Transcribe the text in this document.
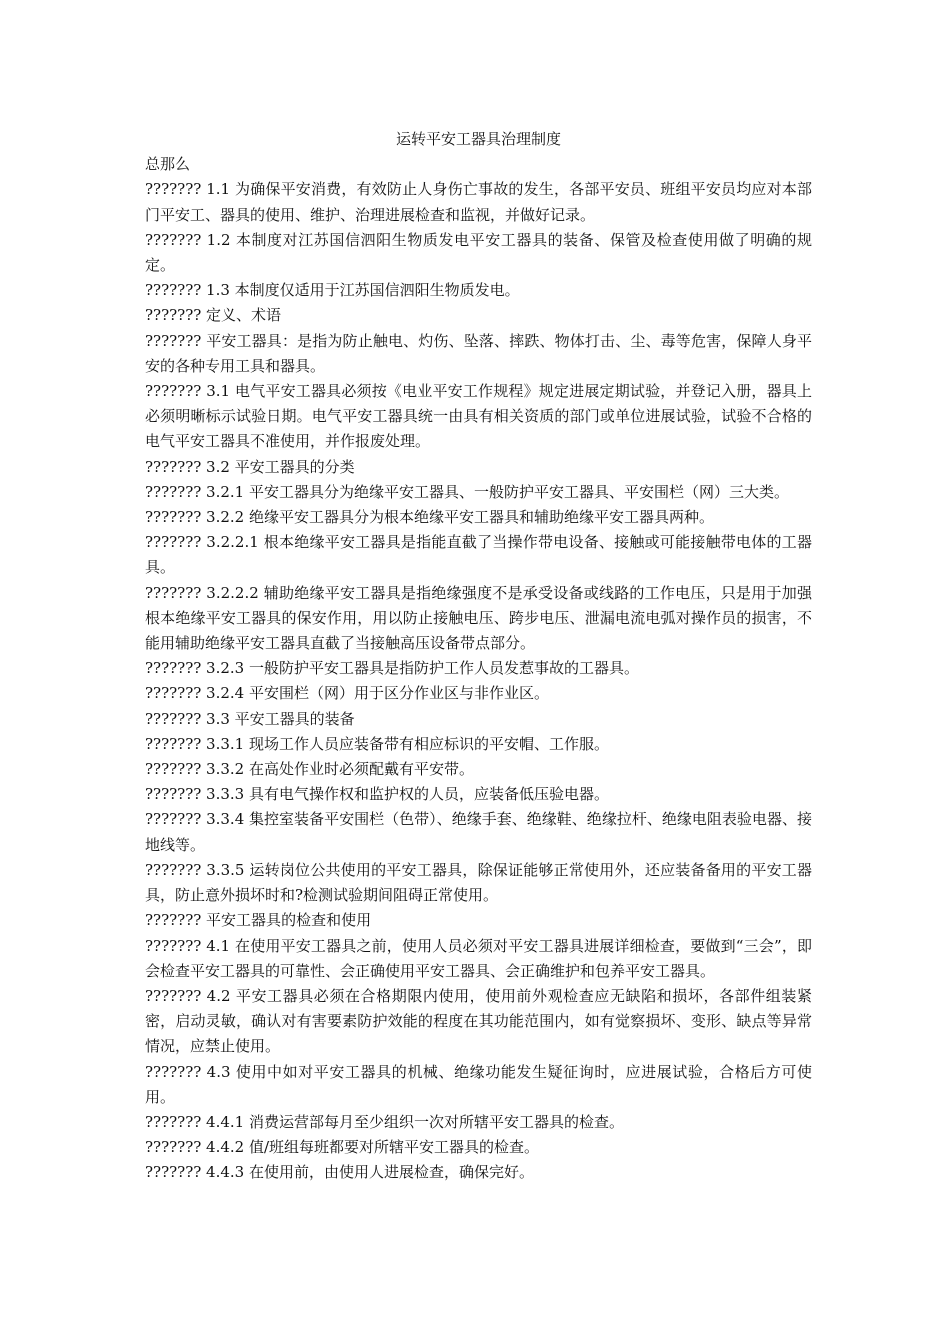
运转平安工器具治理制度

总那么

??????? 1.1 为确保平安消费，有效防止人身伤亡事故的发生，各部平安员、班组平安员均应对本部门平安工、器具的使用、维护、治理进展检查和监视，并做好记录。

??????? 1.2 本制度对江苏国信泗阳生物质发电平安工器具的装备、保管及检查使用做了明确的规定。

??????? 1.3 本制度仅适用于江苏国信泗阳生物质发电。

??????? 定义、术语

??????? 平安工器具：是指为防止触电、灼伤、坠落、摔跌、物体打击、尘、毒等危害，保障人身平安的各种专用工具和器具。

??????? 3.1 电气平安工器具必须按《电业平安工作规程》规定进展定期试验，并登记入册，器具上必须明晰标示试验日期。电气平安工器具统一由具有相关资质的部门或单位进展试验，试验不合格的电气平安工器具不准使用，并作报废处理。

??????? 3.2 平安工器具的分类

??????? 3.2.1 平安工器具分为绝缘平安工器具、一般防护平安工器具、平安围栏（网）三大类。

??????? 3.2.2 绝缘平安工器具分为根本绝缘平安工器具和辅助绝缘平安工器具两种。

??????? 3.2.2.1 根本绝缘平安工器具是指能直截了当操作带电设备、接触或可能接触带电体的工器具。

??????? 3.2.2.2 辅助绝缘平安工器具是指绝缘强度不是承受设备或线路的工作电压，只是用于加强根本绝缘平安工器具的保安作用，用以防止接触电压、跨步电压、泄漏电流电弧对操作员的损害，不能用辅助绝缘平安工器具直截了当接触高压设备带点部分。

??????? 3.2.3 一般防护平安工器具是指防护工作人员发惹事故的工器具。

??????? 3.2.4 平安围栏（网）用于区分作业区与非作业区。

??????? 3.3 平安工器具的装备

??????? 3.3.1 现场工作人员应装备带有相应标识的平安帽、工作服。

??????? 3.3.2 在高处作业时必须配戴有平安带。

??????? 3.3.3 具有电气操作权和监护权的人员，应装备低压验电器。

??????? 3.3.4 集控室装备平安围栏（色带）、绝缘手套、绝缘鞋、绝缘拉杆、绝缘电阻表验电器、接地线等。

??????? 3.3.5 运转岗位公共使用的平安工器具，除保证能够正常使用外，还应装备备用的平安工器具，防止意外损坏时和?检测试验期间阻碍正常使用。

??????? 平安工器具的检查和使用

??????? 4.1 在使用平安工器具之前，使用人员必须对平安工器具进展详细检查，要做到“三会”，即会检查平安工器具的可靠性、会正确使用平安工器具、会正确维护和包养平安工器具。

??????? 4.2 平安工器具必须在合格期限内使用，使用前外观检查应无缺陷和损坏，各部件组装紧密，启动灵敏，确认对有害要素防护效能的程度在其功能范围内，如有觉察损坏、变形、缺点等异常情况，应禁止使用。

??????? 4.3 使用中如对平安工器具的机械、绝缘功能发生疑征询时，应进展试验，合格后方可使用。

??????? 4.4.1 消费运营部每月至少组织一次对所辖平安工器具的检查。

??????? 4.4.2 值/班组每班都要对所辖平安工器具的检查。

??????? 4.4.3 在使用前，由使用人进展检查，确保完好。
